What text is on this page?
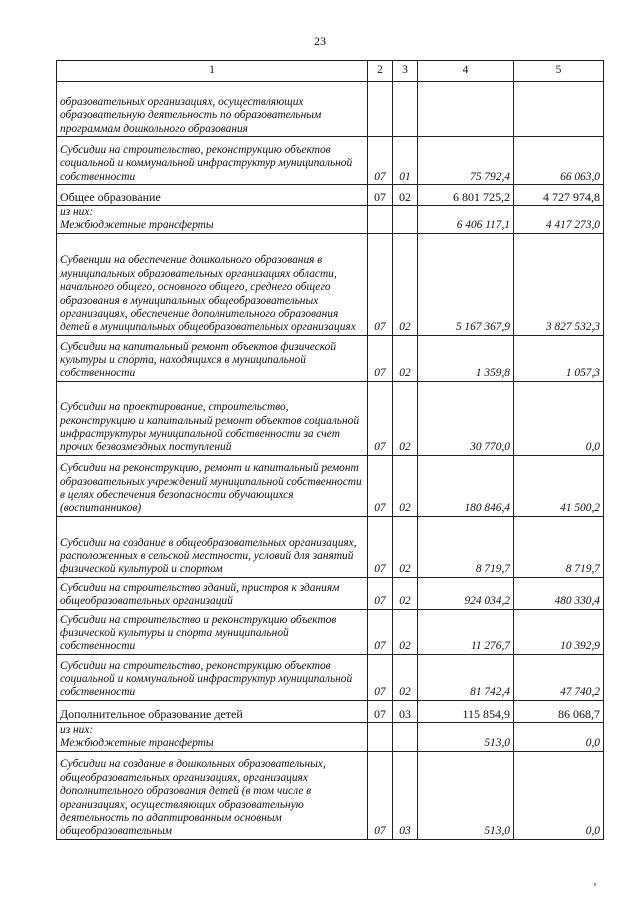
23
1	2	3	4	5
образовательных организациях, осуществляющих образовательную деятельность по образовательным программам дошкольного образования				
Субсидии на строительство, реконструкцию объектов социальной и коммунальной инфраструктур муниципальной собственности	07	01	75 792,4	66 063,0
Общее образование	07	02	6 801 725,2	4 727 974,8

из них:
Межбюджетные трансферты			6 406 117,1	4 417 273,0
Субвенции на обеспечение дошкольного образования в муниципальных образовательных организациях области, начального общего, основного общего, среднего общего образования в муниципальных общеобразовательных организациях, обеспечение дополнительного образования детей в муниципальных общеобразовательных организациях	07	02	5 167 367,9	3 827 532,3
Субсидии на капитальный ремонт объектов физической культуры и спорта, находящихся в муниципальной собственности	07	02	1 359,8	1 057,3
Субсидии на проектирование, строительство, реконструкцию и капитальный ремонт объектов социальной инфраструктуры муниципальной собственности за счет прочих безвозмездных поступлений	07	02	30 770,0	0,0
Субсидии на реконструкцию, ремонт и капитальный ремонт образовательных учреждений муниципальной собственности в целях обеспечения безопасности обучающихся (воспитанников)	07	02	180 846,4	41 500,2
Субсидии на создание в общеобразовательных организациях, расположенных в сельской местности, условий для занятий физической культурой и спортом	07	02	8 719,7	8 719,7
Субсидии на строительство зданий, пристроя к зданиям общеобразовательных организаций	07	02	924 034,2	480 330,4
Субсидии на строительство и реконструкцию объектов физической культуры и спорта муниципальной собственности	07	02	11 276,7	10 392,9
Субсидии на строительство, реконструкцию объектов социальной и коммунальной инфраструктур муниципальной собственности	07	02	81 742,4	47 740,2
Дополнительное образование детей	07	03	115 854,9	86 068,7

из них:
Межбюджетные трансферты			513,0	0,0
Субсидии на создание в дошкольных образовательных, общеобразовательных организациях, организациях дополнительного образования детей (в том числе в организациях, осуществляющих образовательную деятельность по адаптированным основным общеобразовательным	07	03	513,0	0,0
